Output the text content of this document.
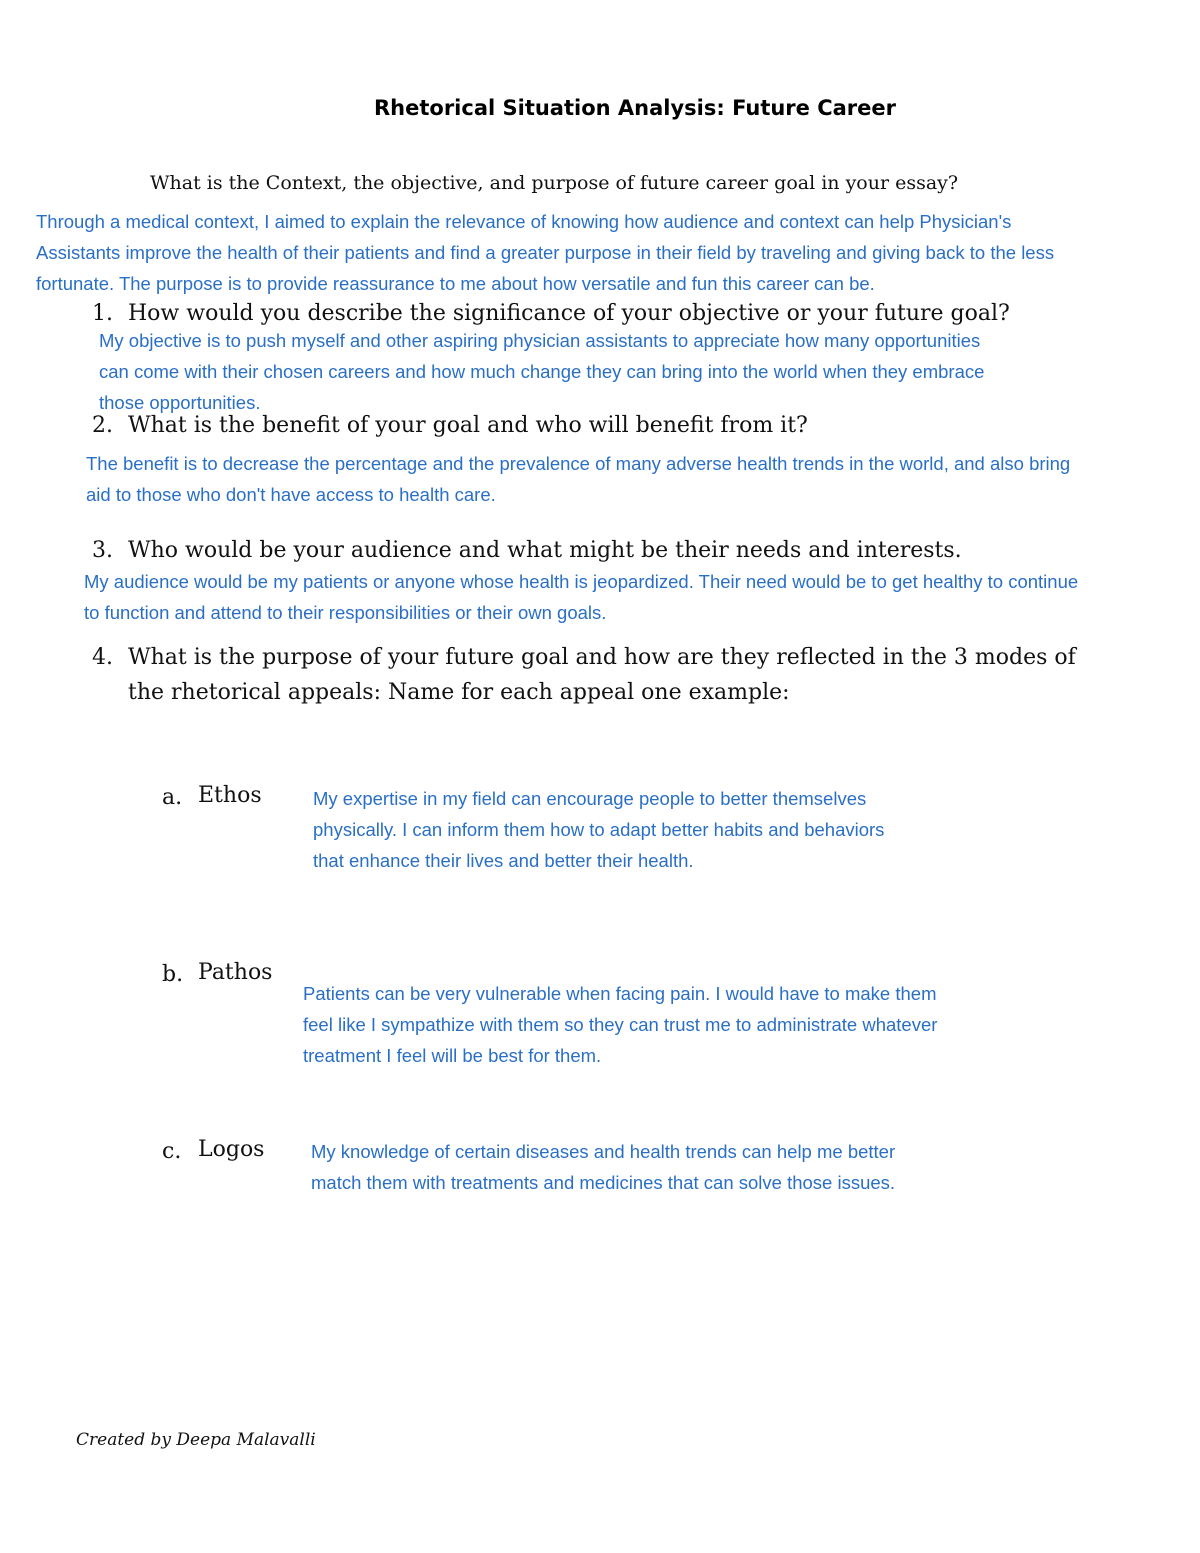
Rhetorical Situation Analysis: Future Career
What is the Context, the objective, and purpose of future career goal in your essay?
Through a medical context, I aimed to explain the relevance of knowing how audience and context can help Physician's
Assistants improve the health of their patients and find a greater purpose in their field by traveling and giving back to the less
fortunate. The purpose is to provide reassurance to me about how versatile and fun this career can be.
1. How would you describe the significance of your objective or your future goal?
My objective is to push myself and other aspiring physician assistants to appreciate how many opportunities
can come with their chosen careers and how much change they can bring into the world when they embrace
those opportunities.
2. What is the benefit of your goal and who will benefit from it?
The benefit is to decrease the percentage and the prevalence of many adverse health trends in the world, and also bring
aid to those who don't have access to health care.
3. Who would be your audience and what might be their needs and interests.
My audience would be my patients or anyone whose health is jeopardized. Their need would be to get healthy to continue
to function and attend to their responsibilities or their own goals.
4. What is the purpose of your future goal and how are they reflected in the 3 modes of
the rhetorical appeals: Name for each appeal one example:
a. Ethos	My expertise in my field can encourage people to better themselves
physically. I can inform them how to adapt better habits and behaviors
that enhance their lives and better their health.
b. Pathos
Patients can be very vulnerable when facing pain. I would have to make them
feel like I sympathize with them so they can trust me to administrate whatever
treatment I feel will be best for them.
c. Logos	My knowledge of certain diseases and health trends can help me better
match them with treatments and medicines that can solve those issues.
Created by Deepa Malavalli
